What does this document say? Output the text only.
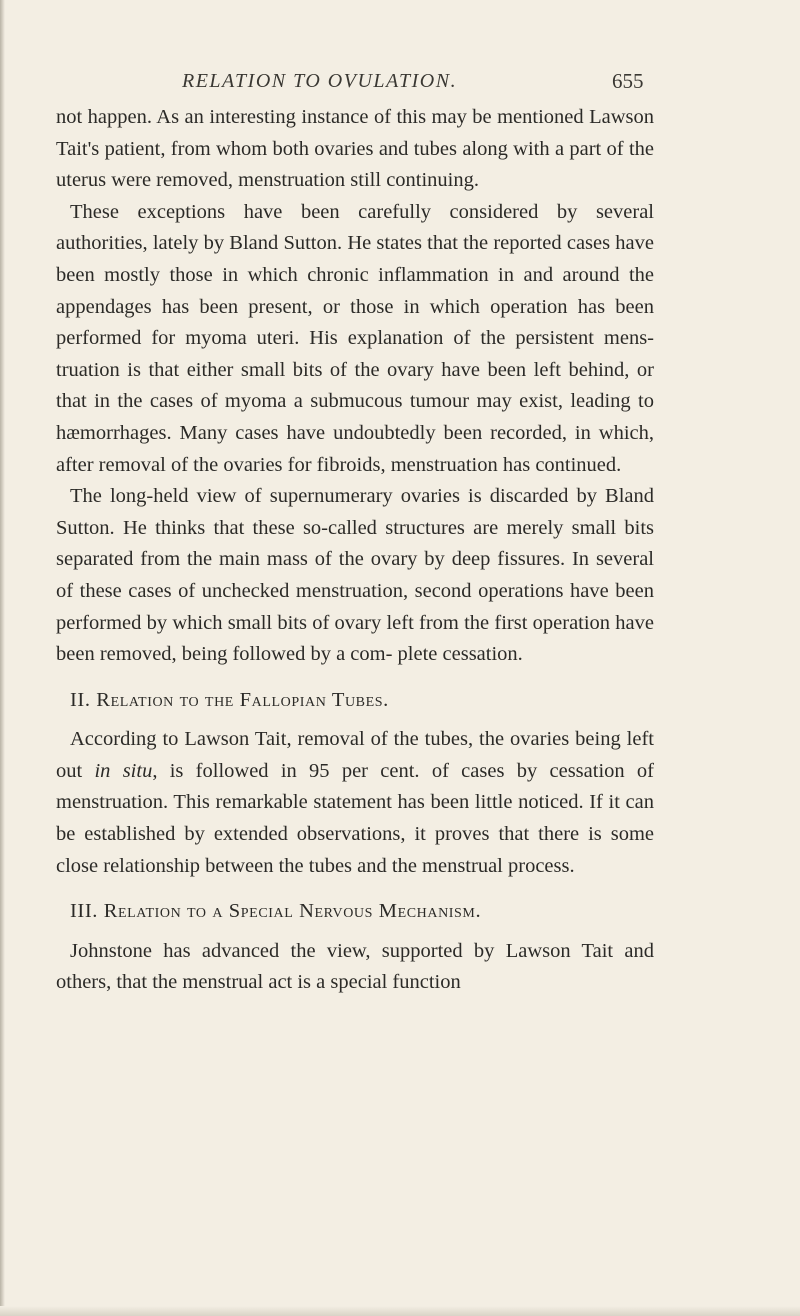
RELATION TO OVULATION.	655

not happen. As an interesting instance of this may be mentioned Lawson Tait's patient, from whom both ovaries and tubes along with a part of the uterus were removed, menstruation still continuing.

These exceptions have been carefully considered by several authorities, lately by Bland Sutton. He states that the reported cases have been mostly those in which chronic inflammation in and around the appendages has been present, or those in which operation has been performed for myoma uteri. His explanation of the persistent mens- truation is that either small bits of the ovary have been left behind, or that in the cases of myoma a submucous tumour may exist, leading to hæmorrhages. Many cases have undoubtedly been recorded, in which, after removal of the ovaries for fibroids, menstruation has continued.

The long-held view of supernumerary ovaries is discarded by Bland Sutton. He thinks that these so-called structures are merely small bits separated from the main mass of the ovary by deep fissures. In several of these cases of unchecked menstruation, second operations have been performed by which small bits of ovary left from the first operation have been removed, being followed by a com- plete cessation.

II. Relation to the Fallopian Tubes.

According to Lawson Tait, removal of the tubes, the ovaries being left out in situ, is followed in 95 per cent. of cases by cessation of menstruation. This remarkable statement has been little noticed. If it can be established by extended observations, it proves that there is some close relationship between the tubes and the menstrual process.

III. Relation to a Special Nervous Mechanism.

Johnstone has advanced the view, supported by Lawson Tait and others, that the menstrual act is a special function
